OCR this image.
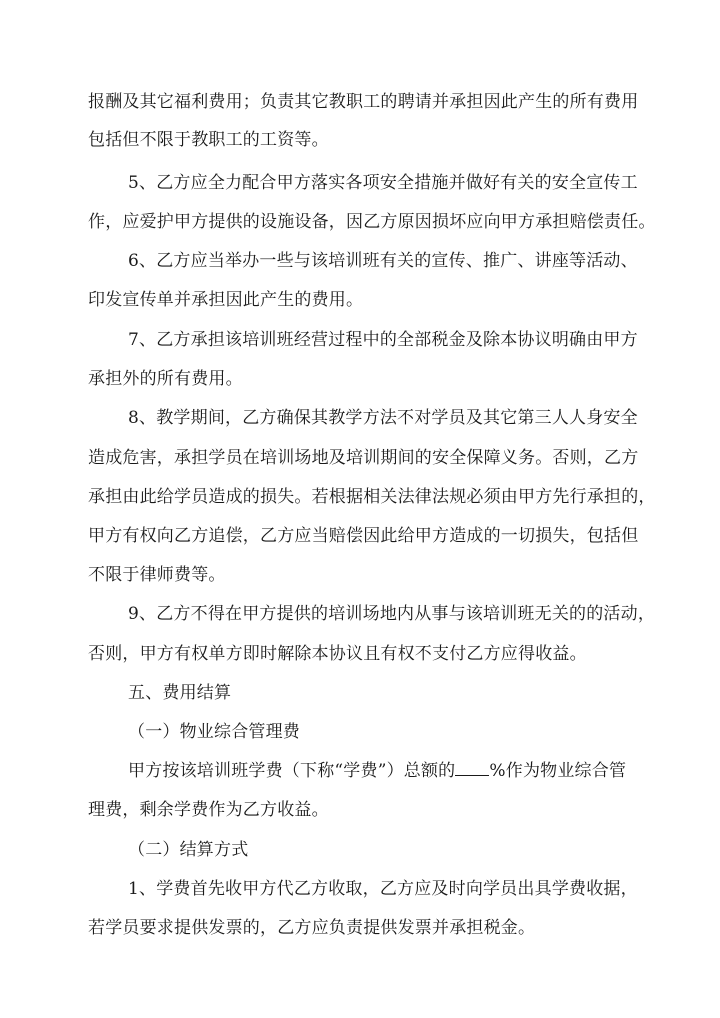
报酬及其它福利费用；负责其它教职工的聘请并承担因此产生的所有费用
包括但不限于教职工的工资等。
5、乙方应全力配合甲方落实各项安全措施并做好有关的安全宣传工
作，应爱护甲方提供的设施设备，因乙方原因损坏应向甲方承担赔偿责任。
6、乙方应当举办一些与该培训班有关的宣传、推广、讲座等活动、
印发宣传单并承担因此产生的费用。
7、乙方承担该培训班经营过程中的全部税金及除本协议明确由甲方
承担外的所有费用。
8、教学期间，乙方确保其教学方法不对学员及其它第三人人身安全
造成危害，承担学员在培训场地及培训期间的安全保障义务。否则，乙方
承担由此给学员造成的损失。若根据相关法律法规必须由甲方先行承担的，
甲方有权向乙方追偿，乙方应当赔偿因此给甲方造成的一切损失，包括但
不限于律师费等。
9、乙方不得在甲方提供的培训场地内从事与该培训班无关的的活动，
否则，甲方有权单方即时解除本协议且有权不支付乙方应得收益。
五、费用结算
（一）物业综合管理费
甲方按该培训班学费（下称“学费”）总额的 %作为物业综合管
理费，剩余学费作为乙方收益。
（二）结算方式
1、学费首先收甲方代乙方收取，乙方应及时向学员出具学费收据，
若学员要求提供发票的，乙方应负责提供发票并承担税金。
